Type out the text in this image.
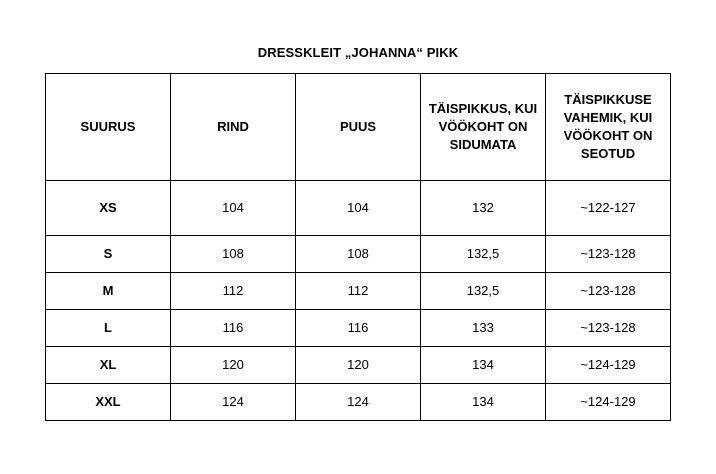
DRESSKLEIT „JOHANNA“ PIKK
SUURUS	RIND	PUUS	TÄISPIKKUS, KUI VÖÖKOHT ON SIDUMATA	TÄISPIKKUSE VAHEMIK, KUI VÖÖKOHT ON SEOTUD
XS	104	104	132	~122-127
S	108	108	132,5	~123-128
M	112	112	132,5	~123-128
L	116	116	133	~123-128
XL	120	120	134	~124-129
XXL	124	124	134	~124-129
